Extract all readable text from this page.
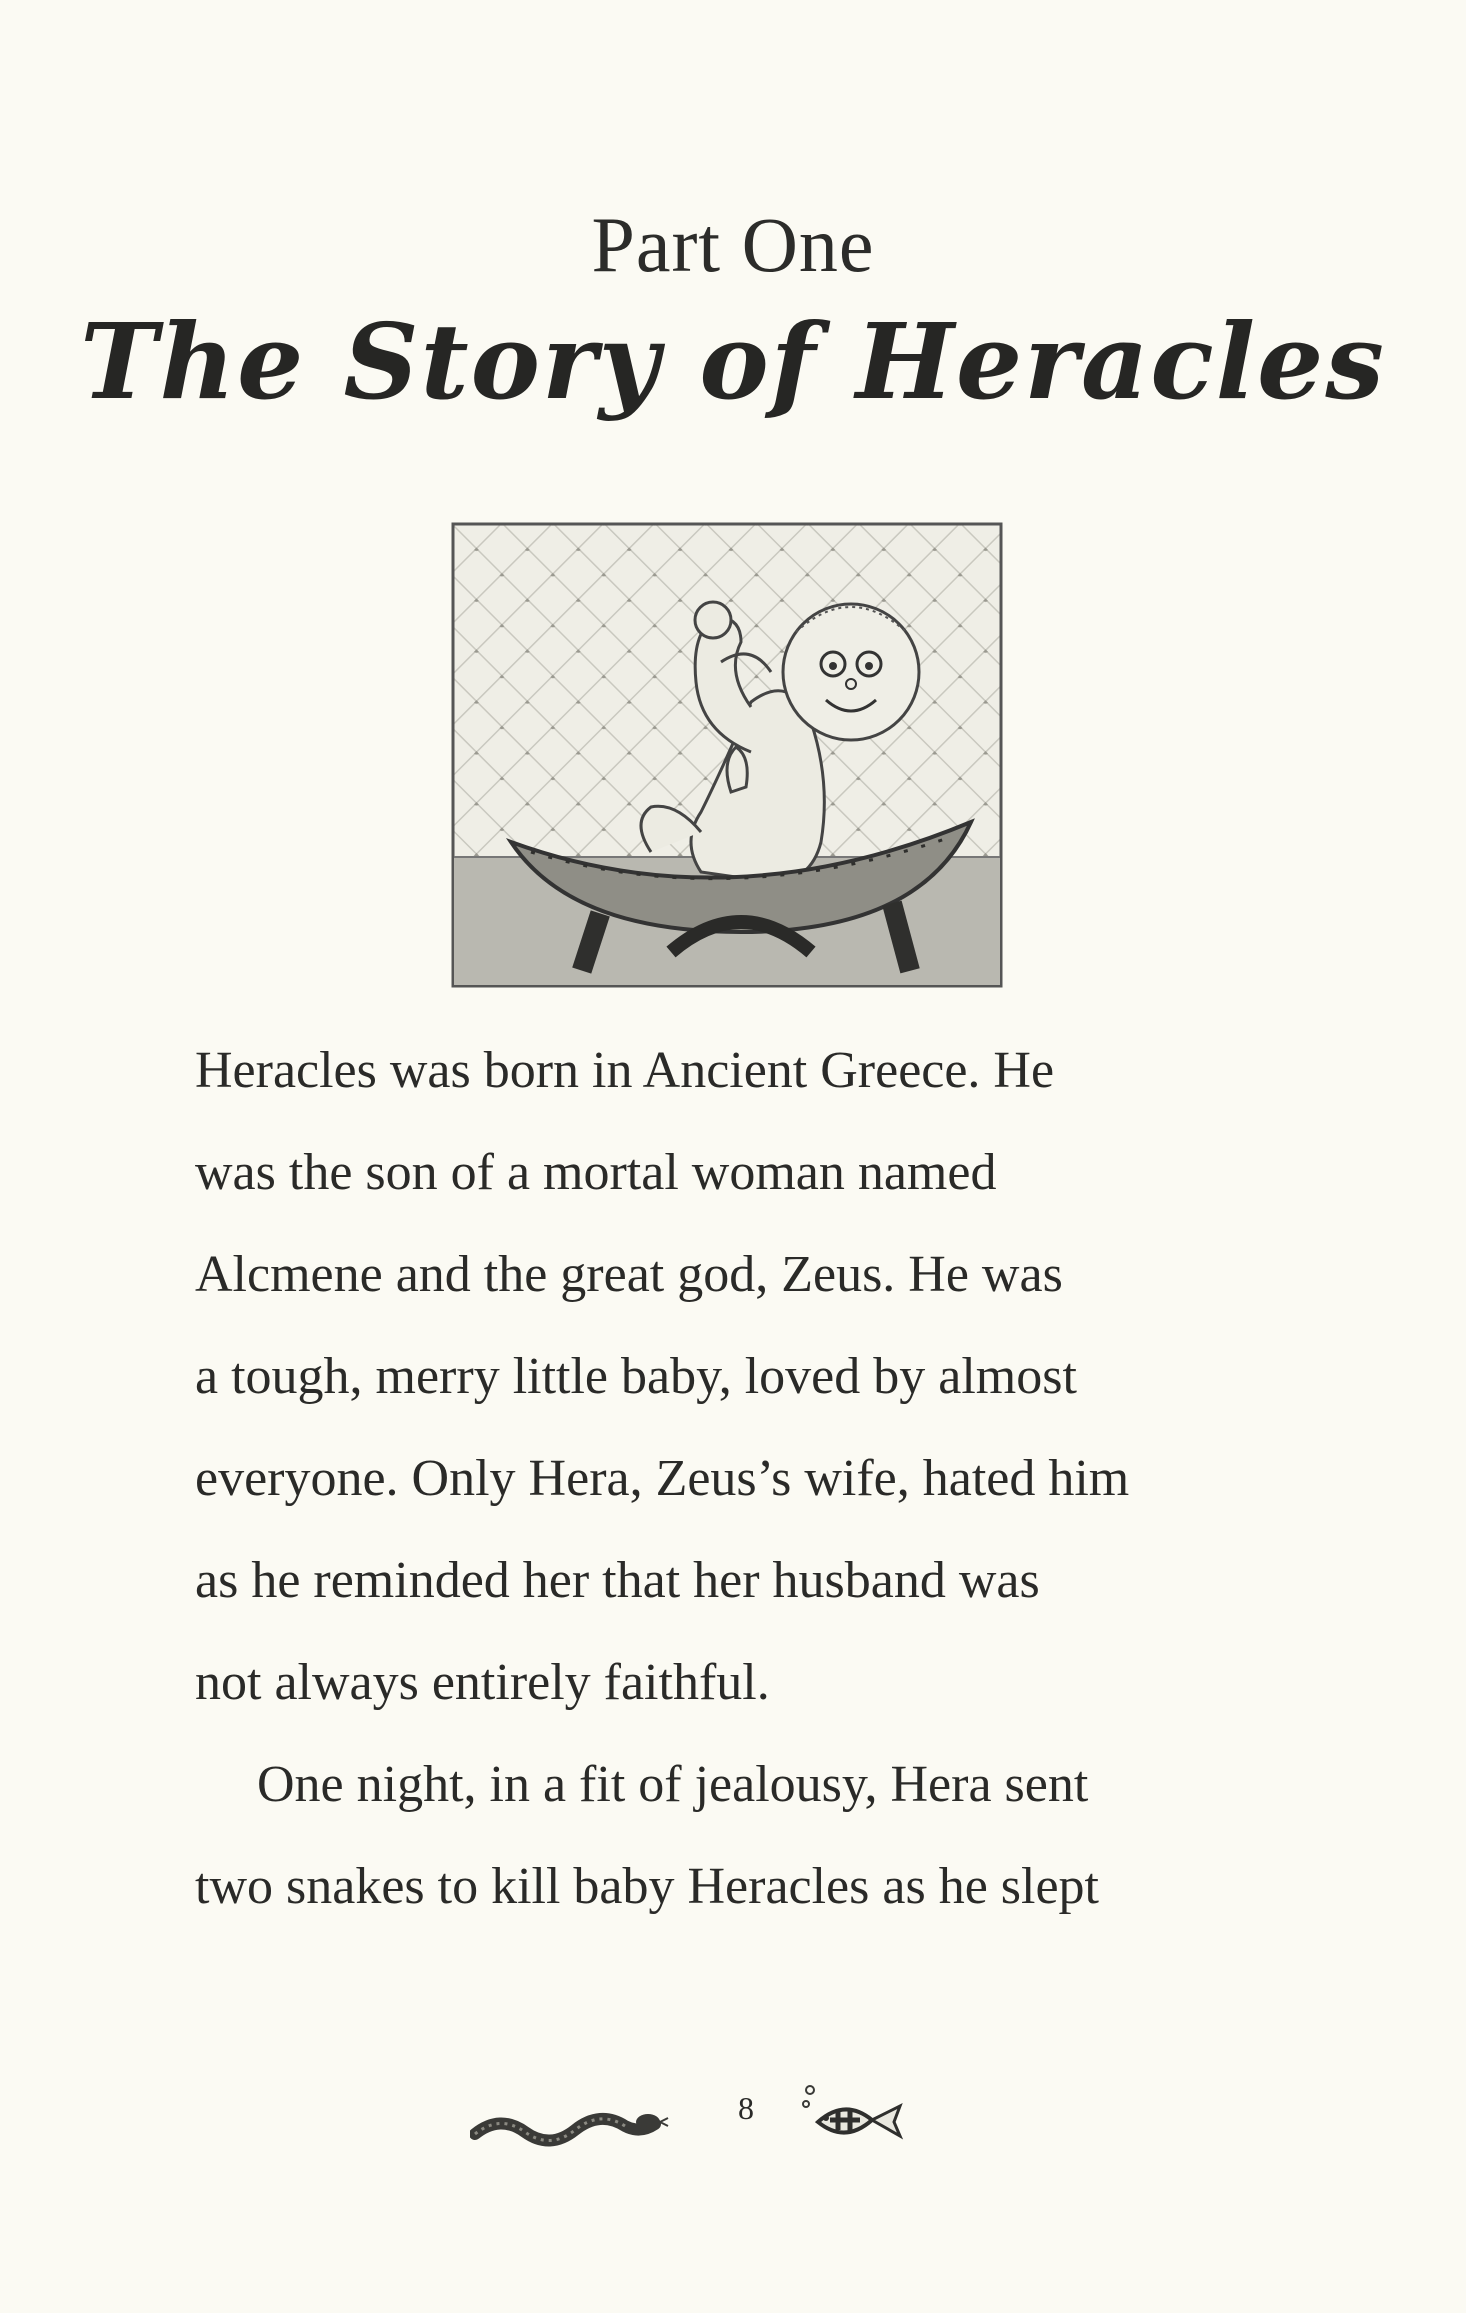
Part One
The Story of Heracles
Heracles was born in Ancient Greece. He
was the son of a mortal woman named
Alcmene and the great god, Zeus. He was
a tough, merry little baby, loved by almost
everyone. Only Hera, Zeus’s wife, hated him
as he reminded her that her husband was
not always entirely faithful.
One night, in a fit of jealousy, Hera sent
two snakes to kill baby Heracles as he slept
8
